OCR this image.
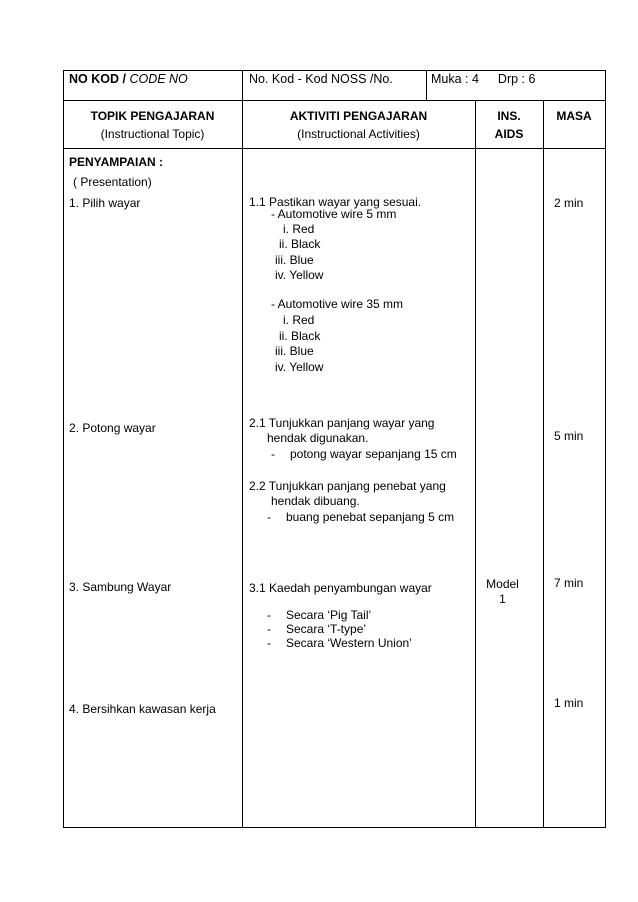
NO KOD / CODE NO	No. Kod - Kod NOSS /No.	Muka : 4 Drp : 6
TOPIK PENGAJARAN
(Instructional Topic)
AKTIVITI PENGAJARAN
(Instructional Activities)
INS.
AIDS
MASA
PENYAMPAIAN :
( Presentation)
1. Pilih wayar
2. Potong wayar
3. Sambung Wayar
4. Bersihkan kawasan kerja
1.1 Pastikan wayar yang sesuai.
- Automotive wire 5 mm
i. Red
ii. Black
iii. Blue
iv. Yellow
- Automotive wire 35 mm
i. Red
ii. Black
iii. Blue
iv. Yellow
2.1 Tunjukkan panjang wayar yang
hendak digunakan.
- potong wayar sepanjang 15 cm
2.2 Tunjukkan panjang penebat yang
hendak dibuang.
- buang penebat sepanjang 5 cm
3.1 Kaedah penyambungan wayar
- Secara ‘Pig Tail’
- Secara ‘T-type’
- Secara ‘Western Union’
Model
1
2 min
5 min
7 min
1 min
